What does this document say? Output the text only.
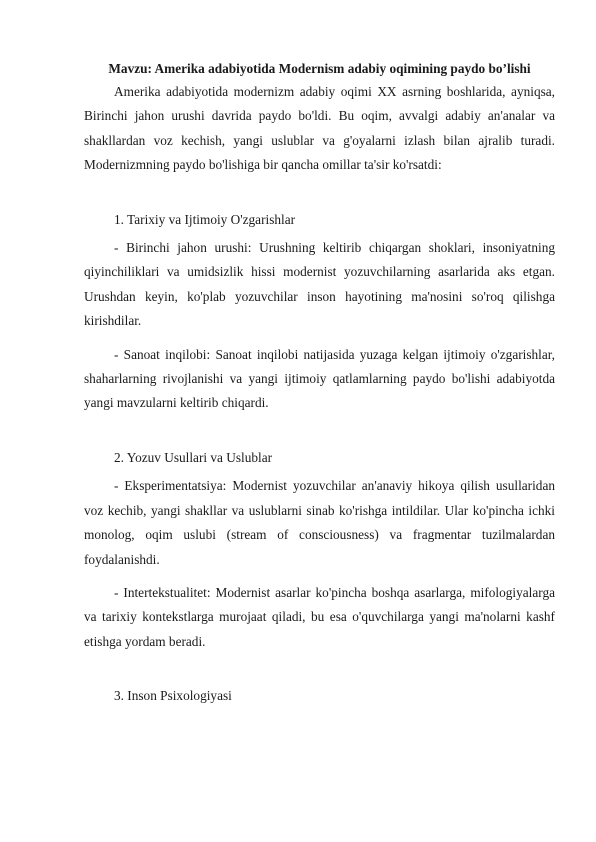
Mavzu: Amerika adabiyotida Modernism adabiy oqimining paydo bo’lishi

Amerika adabiyotida modernizm adabiy oqimi XX asrning boshlarida, ayniqsa, Birinchi jahon urushi davrida paydo bo'ldi. Bu oqim, avvalgi adabiy an'analar va shakllardan voz kechish, yangi uslublar va g'oyalarni izlash bilan ajralib turadi. Modernizmning paydo bo'lishiga bir qancha omillar ta'sir ko'rsatdi:

1. Tarixiy va Ijtimoiy O'zgarishlar

- Birinchi jahon urushi: Urushning keltirib chiqargan shoklari, insoniyatning qiyinchiliklari va umidsizlik hissi modernist yozuvchilarning asarlarida aks etgan. Urushdan keyin, ko'plab yozuvchilar inson hayotining ma'nosini so'roq qilishga kirishdilar.

- Sanoat inqilobi: Sanoat inqilobi natijasida yuzaga kelgan ijtimoiy o'zgarishlar, shaharlarning rivojlanishi va yangi ijtimoiy qatlamlarning paydo bo'lishi adabiyotda yangi mavzularni keltirib chiqardi.

2. Yozuv Usullari va Uslublar

- Eksperimentatsiya: Modernist yozuvchilar an'anaviy hikoya qilish usullaridan voz kechib, yangi shakllar va uslublarni sinab ko'rishga intildilar. Ular ko'pincha ichki monolog, oqim uslubi (stream of consciousness) va fragmentar tuzilmalardan foydalanishdi.

- Intertekstualitet: Modernist asarlar ko'pincha boshqa asarlarga, mifologiyalarga va tarixiy kontekstlarga murojaat qiladi, bu esa o'quvchilarga yangi ma'nolarni kashf etishga yordam beradi.

3. Inson Psixologiyasi
